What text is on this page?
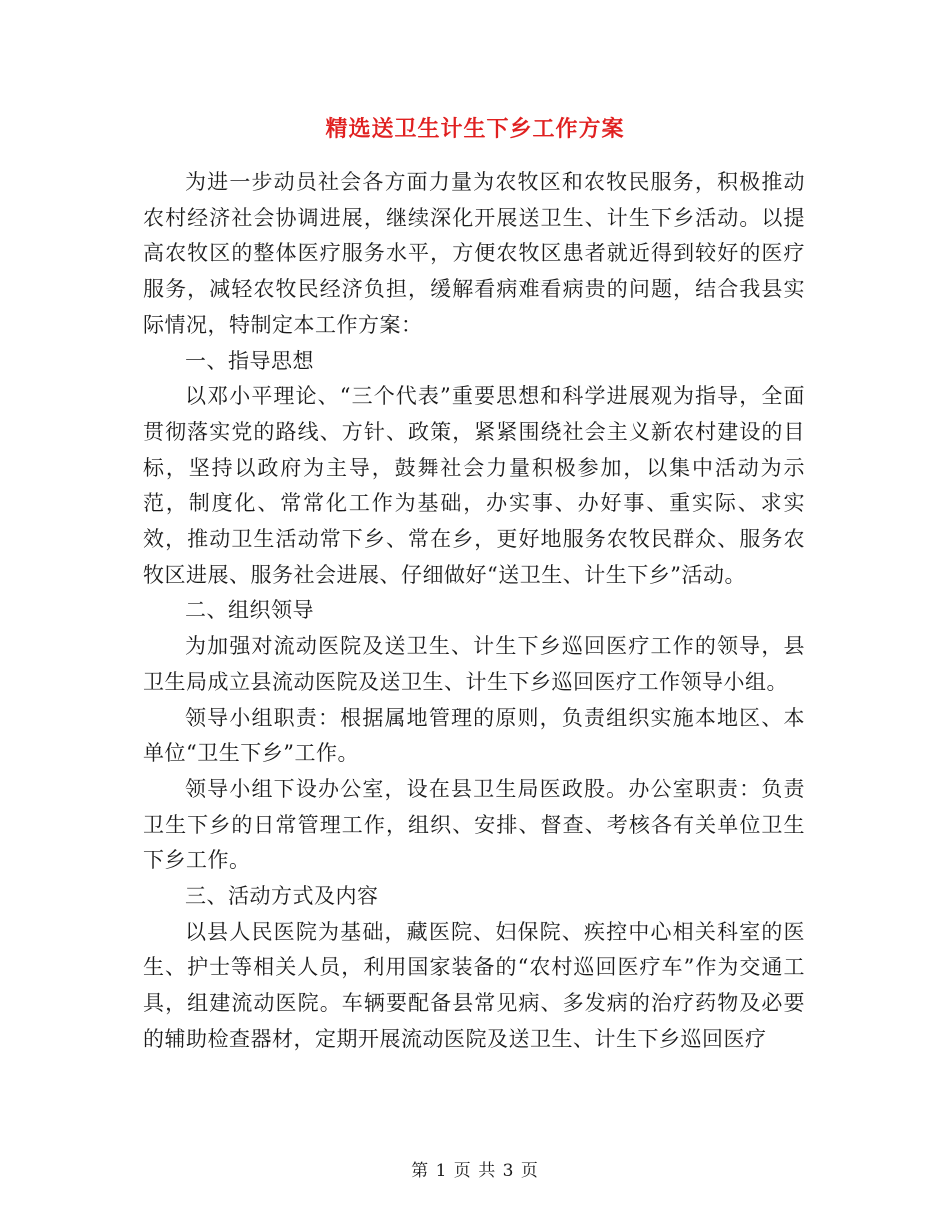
精选送卫生计生下乡工作方案

为进一步动员社会各方面力量为农牧区和农牧民服务，积极推动农村经济社会协调进展，继续深化开展送卫生、计生下乡活动。以提高农牧区的整体医疗服务水平，方便农牧区患者就近得到较好的医疗服务，减轻农牧民经济负担，缓解看病难看病贵的问题，结合我县实际情况，特制定本工作方案：

一、指导思想

以邓小平理论、“三个代表”重要思想和科学进展观为指导，全面贯彻落实党的路线、方针、政策，紧紧围绕社会主义新农村建设的目标，坚持以政府为主导，鼓舞社会力量积极参加，以集中活动为示范，制度化、常常化工作为基础，办实事、办好事、重实际、求实效，推动卫生活动常下乡、常在乡，更好地服务农牧民群众、服务农牧区进展、服务社会进展、仔细做好“送卫生、计生下乡”活动。

二、组织领导

为加强对流动医院及送卫生、计生下乡巡回医疗工作的领导，县卫生局成立县流动医院及送卫生、计生下乡巡回医疗工作领导小组。

领导小组职责：根据属地管理的原则，负责组织实施本地区、本单位“卫生下乡”工作。

领导小组下设办公室，设在县卫生局医政股。办公室职责：负责卫生下乡的日常管理工作，组织、安排、督查、考核各有关单位卫生下乡工作。

三、活动方式及内容

以县人民医院为基础，藏医院、妇保院、疾控中心相关科室的医生、护士等相关人员，利用国家装备的“农村巡回医疗车”作为交通工具，组建流动医院。车辆要配备县常见病、多发病的治疗药物及必要的辅助检查器材，定期开展流动医院及送卫生、计生下乡巡回医疗

第 1 页 共 3 页
